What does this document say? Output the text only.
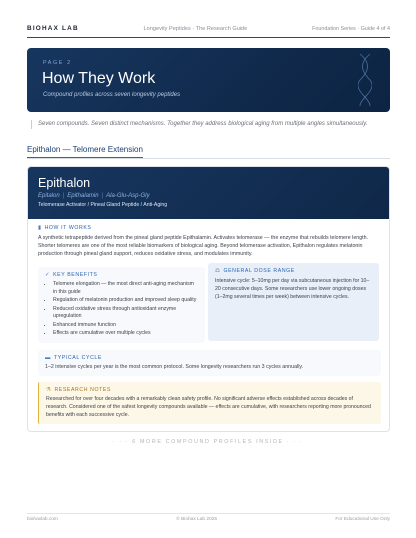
BIOHAX LAB	Longevity Peptides · The Research Guide	Foundation Series · Guide 4 of 4
PAGE 2
How They Work
Compound profiles across seven longevity peptides
Seven compounds. Seven distinct mechanisms. Together they address biological aging from multiple angles simultaneously.
Epithalon — Telomere Extension
Epithalon
Epitalon | Epithalamin | Ala-Glu-Asp-Gly
Telomerase Activator / Pineal Gland Peptide / Anti-Aging
▮ HOW IT WORKS

A synthetic tetrapeptide derived from the pineal gland peptide Epithalamin. Activates telomerase — the enzyme that rebuilds telomere length. Shorter telomeres are one of the most reliable biomarkers of biological aging. Beyond telomerase activation, Epithalon regulates melatonin production through pineal gland support, reduces oxidative stress, and modulates immunity.

✓ KEY BENEFITS
• Telomere elongation — the most direct anti-aging mechanism in this guide
• Regulation of melatonin production and improved sleep quality
• Reduced oxidative stress through antioxidant enzyme upregulation
• Enhanced immune function
• Effects are cumulative over multiple cycles
⚖ GENERAL DOSE RANGE

Intensive cycle: 5–10mg per day via subcutaneous injection for 10–20 consecutive days. Some researchers use lower ongoing doses (1–2mg several times per week) between intensive cycles.

▬ TYPICAL CYCLE

1–2 intensive cycles per year is the most common protocol. Some longevity researchers run 3 cycles annually.

⚗ RESEARCH NOTES

Researched for over four decades with a remarkably clean safety profile. No significant adverse effects established across decades of research. Considered one of the safest longevity compounds available — effects are cumulative, with researchers reporting more pronounced benefits with each successive cycle.

· · · 6 MORE COMPOUND PROFILES INSIDE · · ·
biohaxlab.com	© Biohax Lab 2025	For Educational Use Only
